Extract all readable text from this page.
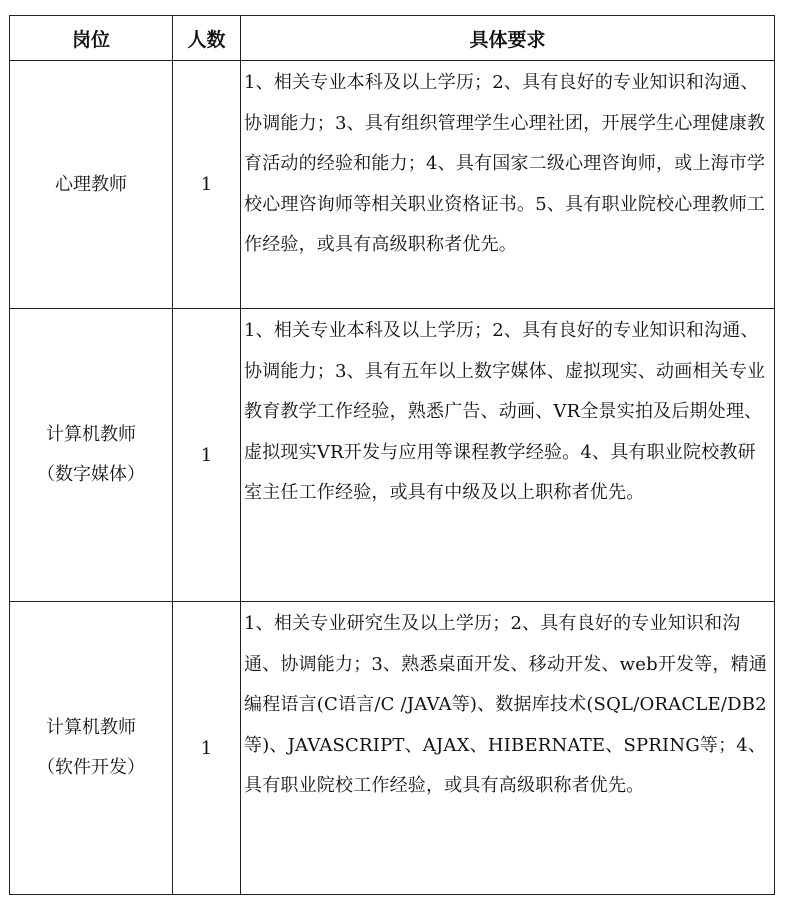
岗位	人数	具体要求

心理教师	1	1、相关专业本科及以上学历；2、具有良好的专业知识和沟通、协调能力；3、具有组织管理学生心理社团，开展学生心理健康教育活动的经验和能力；4、具有国家二级心理咨询师，或上海市学校心理咨询师等相关职业资格证书。5、具有职业院校心理教师工作经验，或具有高级职称者优先。

计算机教师
（数字媒体）	1	1、相关专业本科及以上学历；2、具有良好的专业知识和沟通、协调能力；3、具有五年以上数字媒体、虚拟现实、动画相关专业教育教学工作经验，熟悉广告、动画、VR全景实拍及后期处理、虚拟现实VR开发与应用等课程教学经验。4、具有职业院校教研室主任工作经验，或具有中级及以上职称者优先。

计算机教师
（软件开发）	1	1、相关专业研究生及以上学历；2、具有良好的专业知识和沟通、协调能力；3、熟悉桌面开发、移动开发、web开发等，精通编程语言(C语言/C /JAVA等)、数据库技术(SQL/ORACLE/DB2等)、JAVASCRIPT、AJAX、HIBERNATE、SPRING等；4、具有职业院校工作经验，或具有高级职称者优先。
